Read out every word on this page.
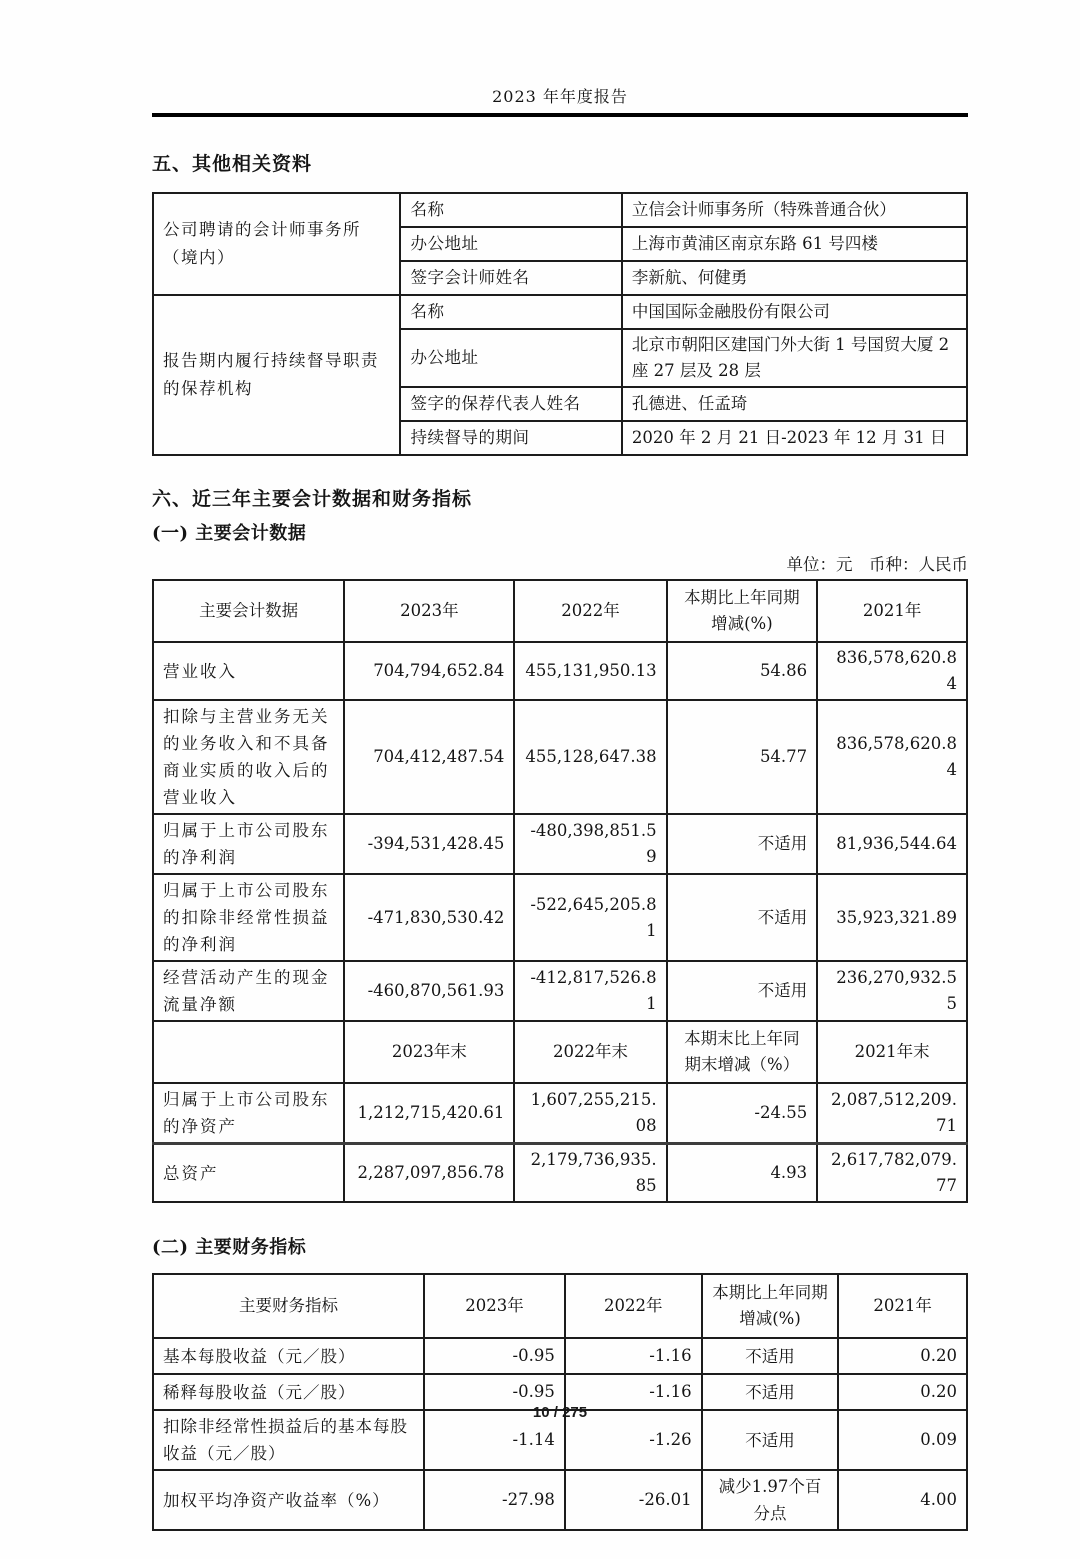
2023 年年度报告
五、其他相关资料
公司聘请的会计师事务所（境内）	名称	立信会计师事务所（特殊普通合伙）
	办公地址	上海市黄浦区南京东路 61 号四楼
	签字会计师姓名	李新航、何健勇
报告期内履行持续督导职责的保荐机构	名称	中国国际金融股份有限公司
	办公地址	北京市朝阳区建国门外大街 1 号国贸大厦 2 座 27 层及 28 层
	签字的保荐代表人姓名	孔德进、任孟琦
	持续督导的期间	2020 年 2 月 21 日-2023 年 12 月 31 日
六、近三年主要会计数据和财务指标
(一) 主要会计数据
单位：元　币种：人民币
主要会计数据	2023年	2022年	本期比上年同期增减(%)	2021年
营业收入	704,794,652.84	455,131,950.13	54.86	836,578,620.84
扣除与主营业务无关的业务收入和不具备商业实质的收入后的营业收入	704,412,487.54	455,128,647.38	54.77	836,578,620.84
归属于上市公司股东的净利润	-394,531,428.45	-480,398,851.59	不适用	81,936,544.64
归属于上市公司股东的扣除非经常性损益的净利润	-471,830,530.42	-522,645,205.81	不适用	35,923,321.89
经营活动产生的现金流量净额	-460,870,561.93	-412,817,526.81	不适用	236,270,932.55
	2023年末	2022年末	本期末比上年同期末增减（%）	2021年末
归属于上市公司股东的净资产	1,212,715,420.61	1,607,255,215.08	-24.55	2,087,512,209.71
总资产	2,287,097,856.78	2,179,736,935.85	4.93	2,617,782,079.77
(二) 主要财务指标
主要财务指标	2023年	2022年	本期比上年同期增减(%)	2021年
基本每股收益（元／股）	-0.95	-1.16	不适用	0.20
稀释每股收益（元／股）	-0.95	-1.16	不适用	0.20
扣除非经常性损益后的基本每股收益（元／股）	-1.14	-1.26	不适用	0.09
加权平均净资产收益率（%）	-27.98	-26.01	减少1.97个百分点	4.00
10 / 275
